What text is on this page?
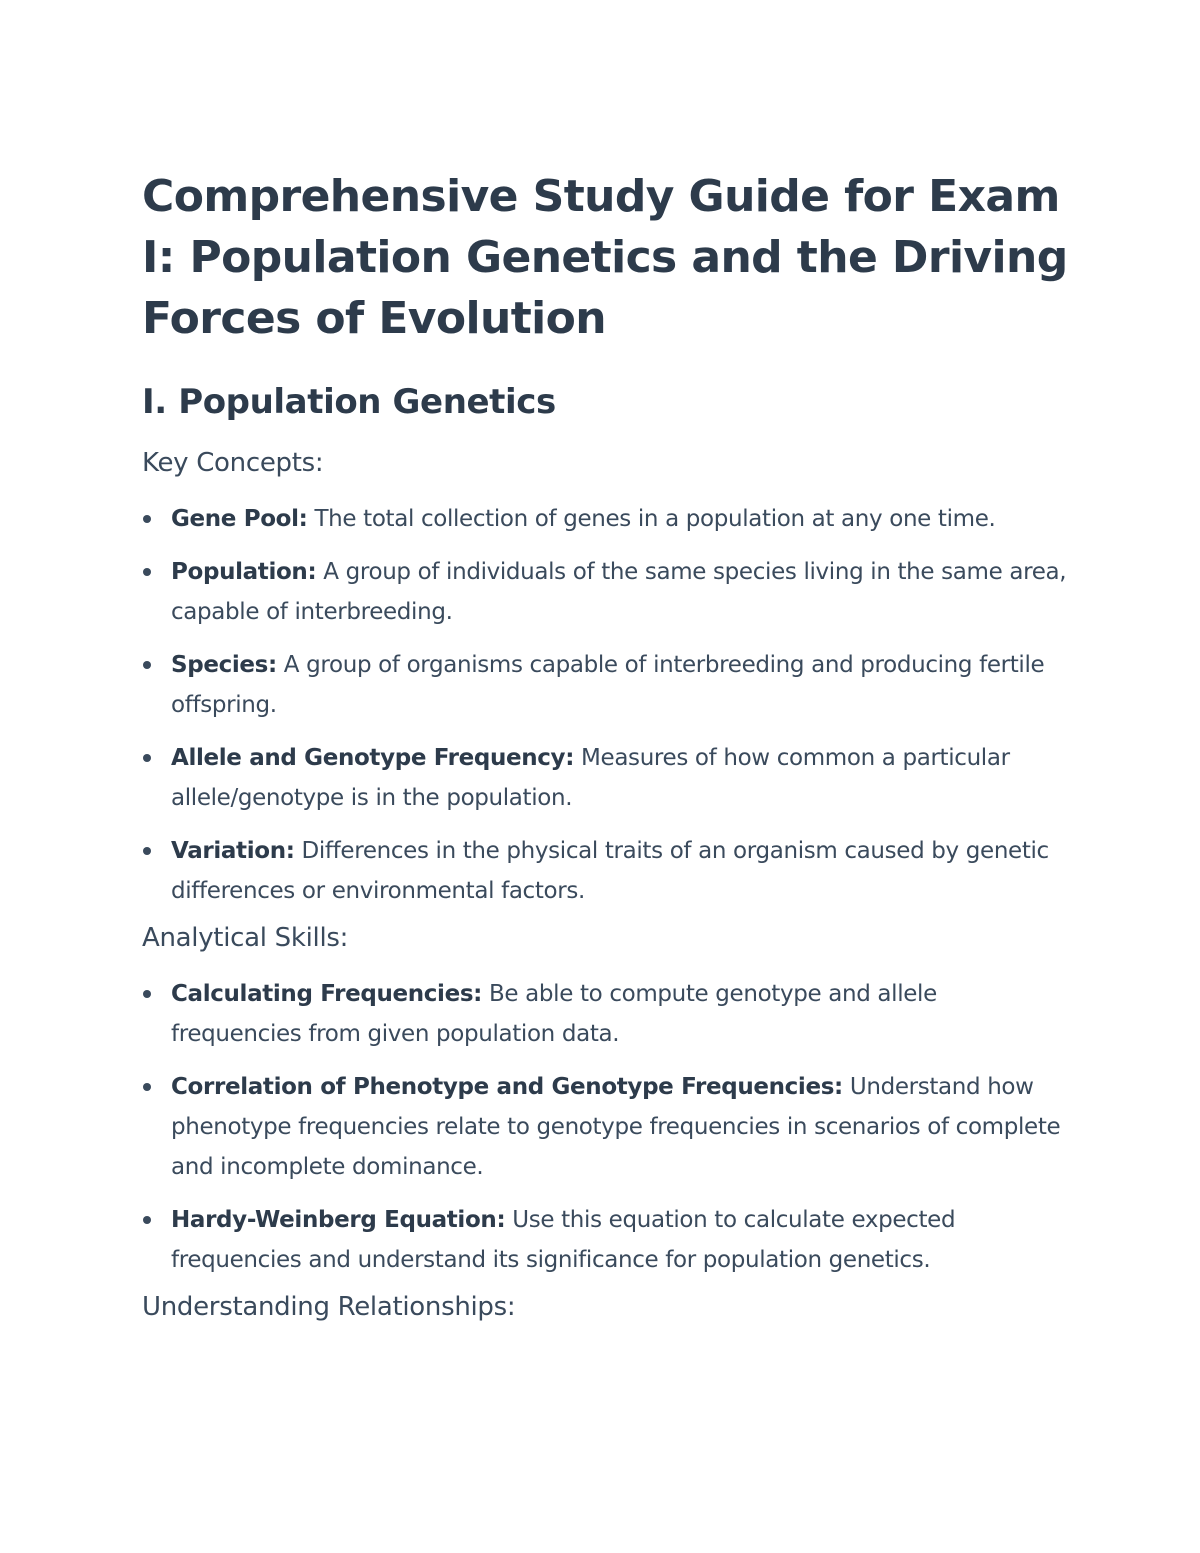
Comprehensive Study Guide for Exam I: Population Genetics and the Driving Forces of Evolution
I. Population Genetics
Key Concepts:
Gene Pool: The total collection of genes in a population at any one time.
Population: A group of individuals of the same species living in the same area, capable of interbreeding.
Species: A group of organisms capable of interbreeding and producing fertile offspring.
Allele and Genotype Frequency: Measures of how common a particular allele/genotype is in the population.
Variation: Differences in the physical traits of an organism caused by genetic differences or environmental factors.
Analytical Skills:
Calculating Frequencies: Be able to compute genotype and allele frequencies from given population data.
Correlation of Phenotype and Genotype Frequencies: Understand how phenotype frequencies relate to genotype frequencies in scenarios of complete and incomplete dominance.
Hardy-Weinberg Equation: Use this equation to calculate expected frequencies and understand its significance for population genetics.
Understanding Relationships:
